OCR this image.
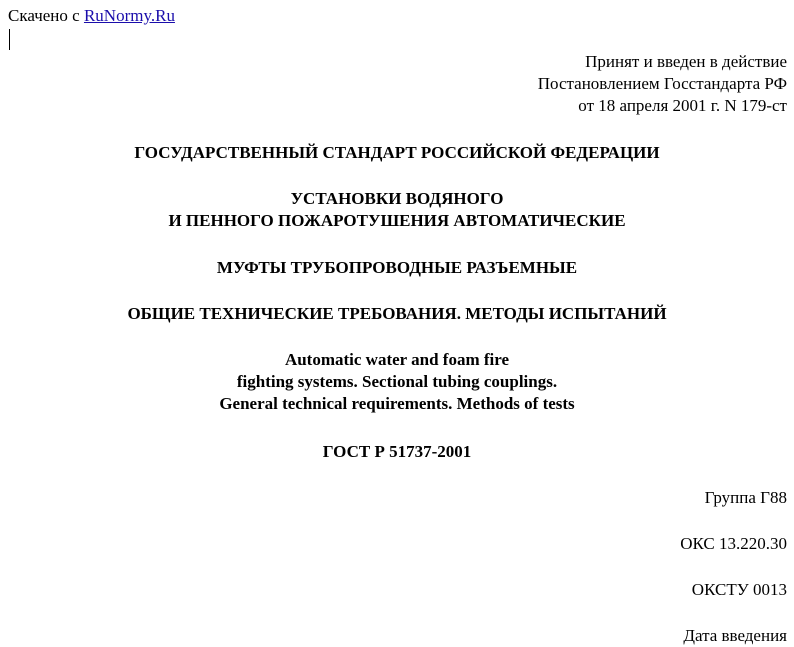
Скачено с RuNormy.Ru
Принят и введен в действие
Постановлением Госстандарта РФ
от 18 апреля 2001 г. N 179-ст
ГОСУДАРСТВЕННЫЙ СТАНДАРТ РОССИЙСКОЙ ФЕДЕРАЦИИ
УСТАНОВКИ ВОДЯНОГО
И ПЕННОГО ПОЖАРОТУШЕНИЯ АВТОМАТИЧЕСКИЕ
МУФТЫ ТРУБОПРОВОДНЫЕ РАЗЪЕМНЫЕ
ОБЩИЕ ТЕХНИЧЕСКИЕ ТРЕБОВАНИЯ. МЕТОДЫ ИСПЫТАНИЙ
Automatic water and foam fire
fighting systems. Sectional tubing couplings.
General technical requirements. Methods of tests
ГОСТ Р 51737-2001
Группа Г88
ОКС 13.220.30
ОКСТУ 0013
Дата введения
